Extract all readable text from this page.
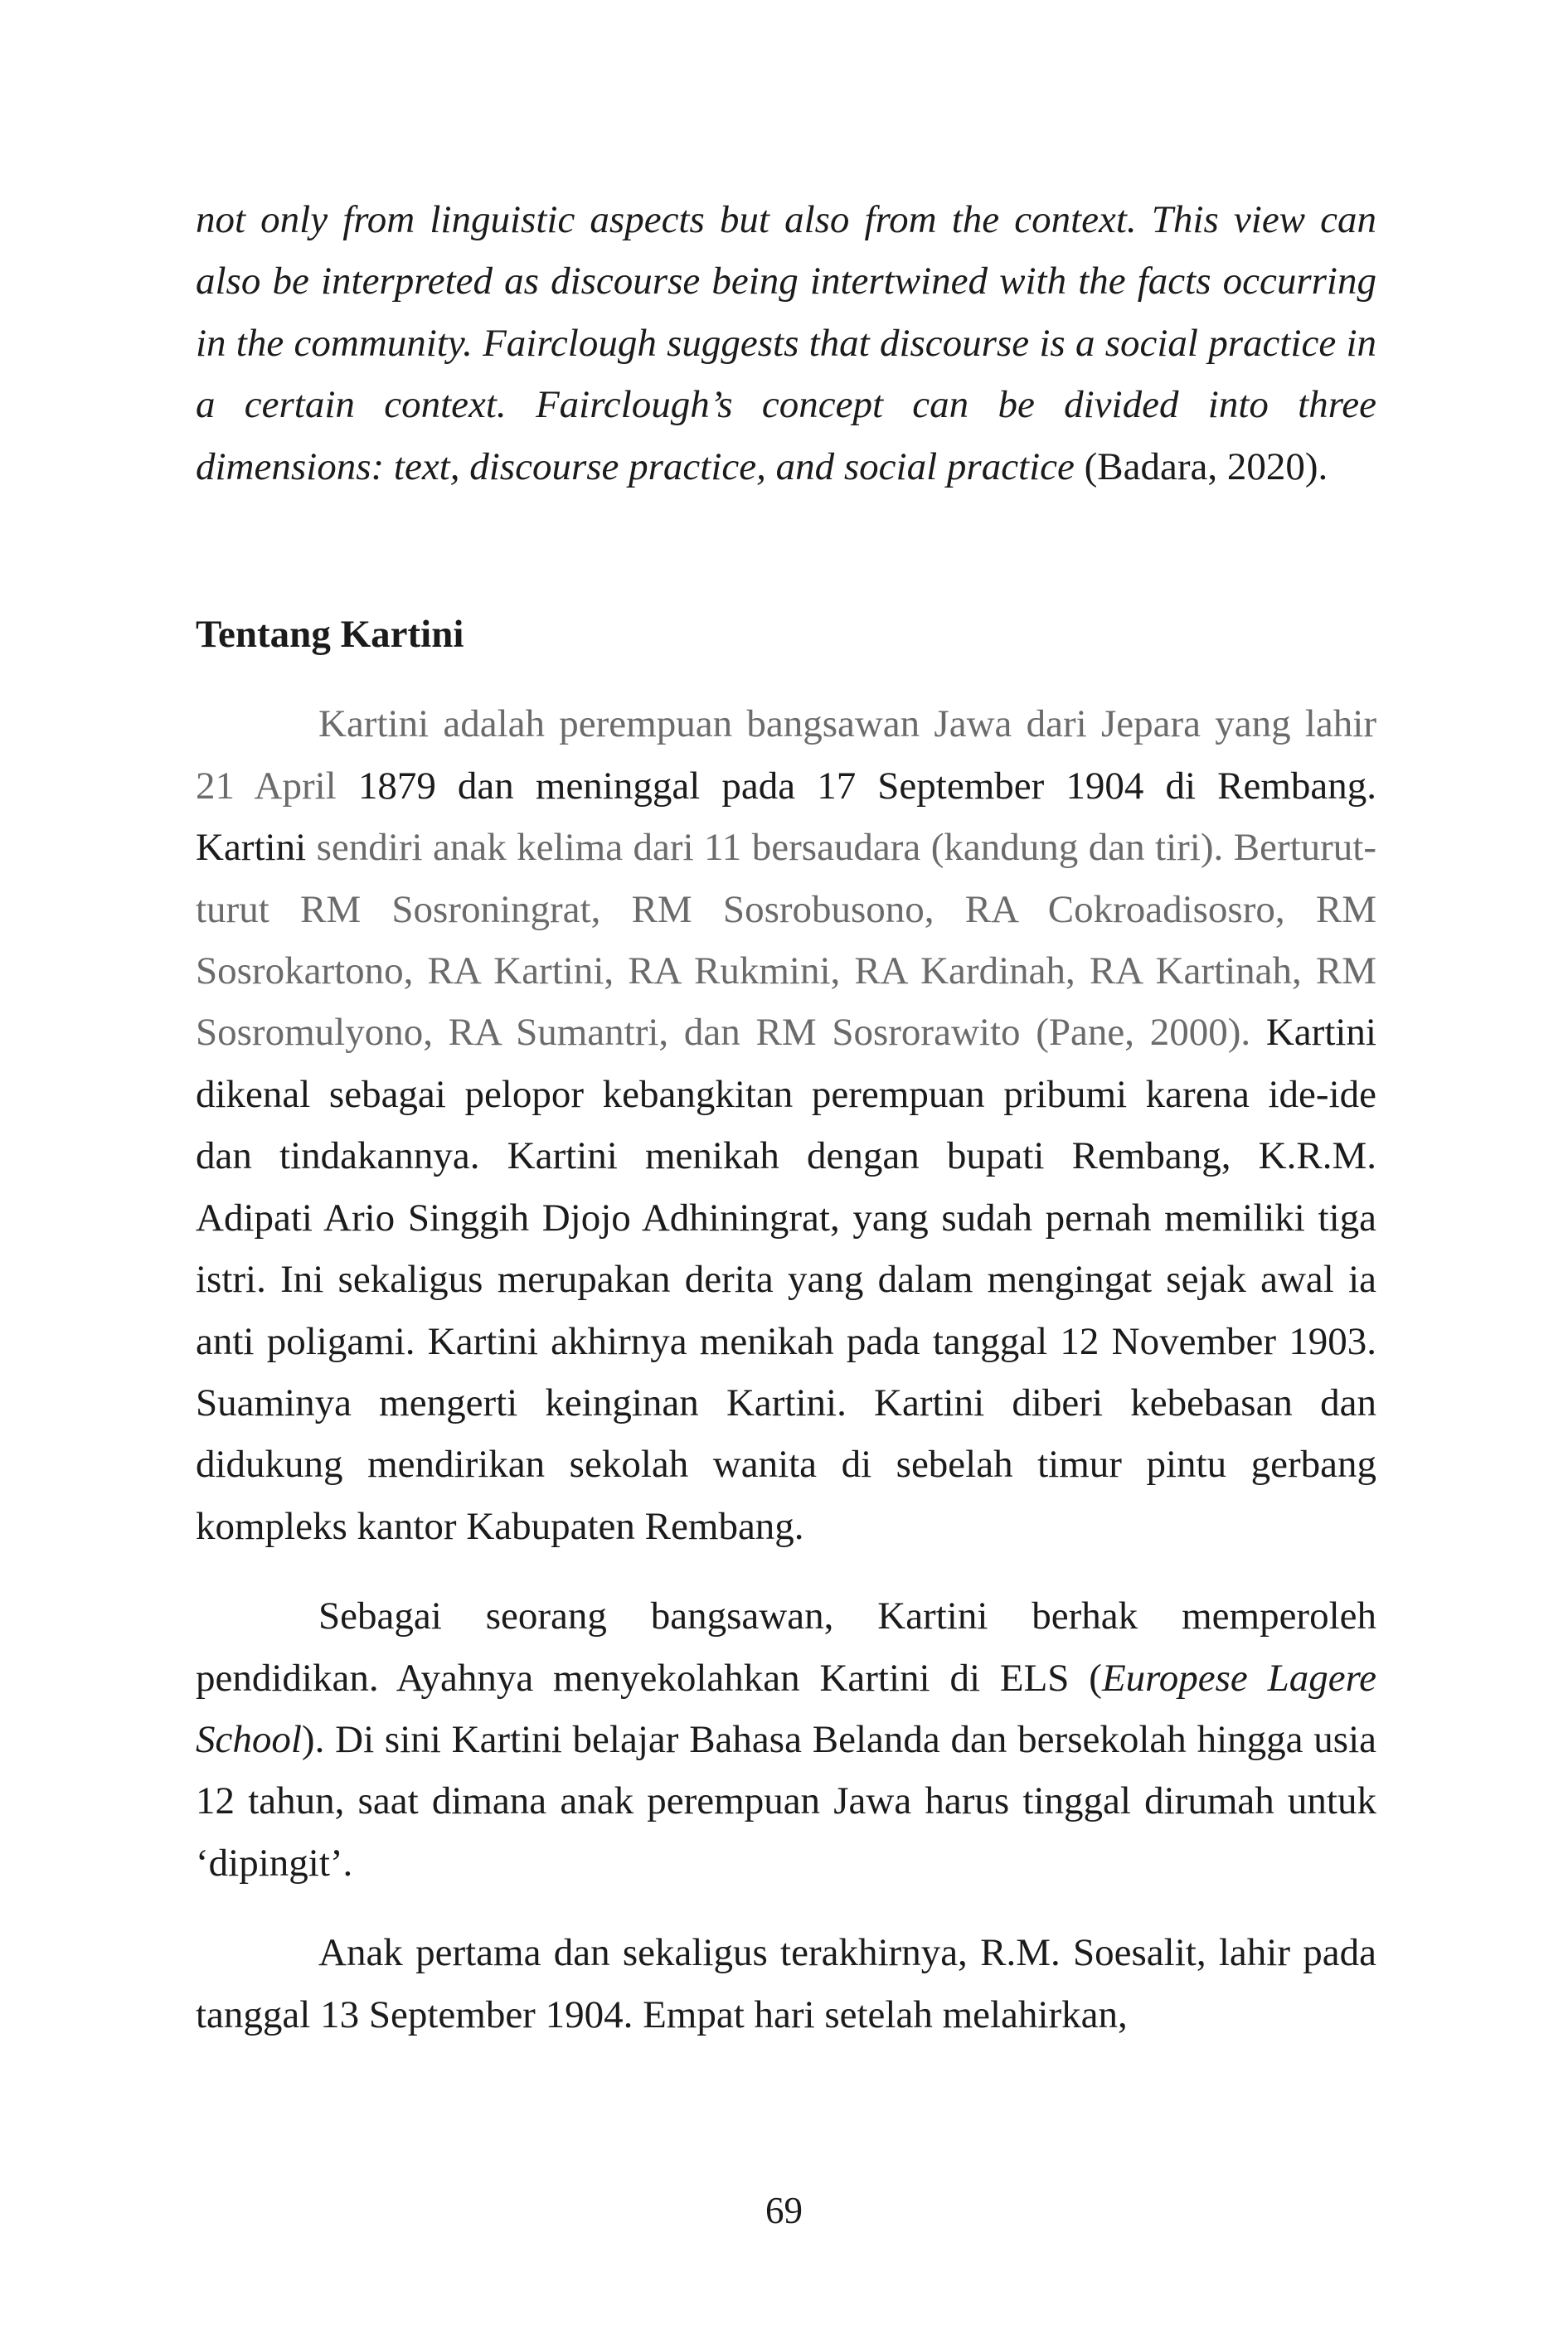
not only from linguistic aspects but also from the context. This view can also be interpreted as discourse being intertwined with the facts occurring in the community. Fairclough suggests that discourse is a social practice in a certain context. Fairclough’s concept can be divided into three dimensions: text, discourse practice, and social practice (Badara, 2020).

Tentang Kartini

Kartini adalah perempuan bangsawan Jawa dari Jepara yang lahir 21 April 1879 dan meninggal pada 17 September 1904 di Rembang. Kartini sendiri anak kelima dari 11 bersaudara (kandung dan tiri). Berturut-turut RM Sosroningrat, RM Sosrobusono, RA Cokroadisosro, RM Sosrokartono, RA Kartini, RA Rukmini, RA Kardinah, RA Kartinah, RM Sosromulyono, RA Sumantri, dan RM Sosrorawito (Pane, 2000). Kartini dikenal sebagai pelopor kebangkitan perempuan pribumi karena ide-ide dan tindakannya. Kartini menikah dengan bupati Rembang, K.R.M. Adipati Ario Singgih Djojo Adhiningrat, yang sudah pernah memiliki tiga istri. Ini sekaligus merupakan derita yang dalam mengingat sejak awal ia anti poligami. Kartini akhirnya menikah pada tanggal 12 November 1903. Suaminya mengerti keinginan Kartini. Kartini diberi kebebasan dan didukung mendirikan sekolah wanita di sebelah timur pintu gerbang kompleks kantor Kabupaten Rembang.

Sebagai seorang bangsawan, Kartini berhak memperoleh pendidikan. Ayahnya menyekolahkan Kartini di ELS (Europese Lagere School). Di sini Kartini belajar Bahasa Belanda dan bersekolah hingga usia 12 tahun, saat dimana anak perempuan Jawa harus tinggal dirumah untuk ‘dipingit’.

Anak pertama dan sekaligus terakhirnya, R.M. Soesalit, lahir pada tanggal 13 September 1904. Empat hari setelah melahirkan,

69
